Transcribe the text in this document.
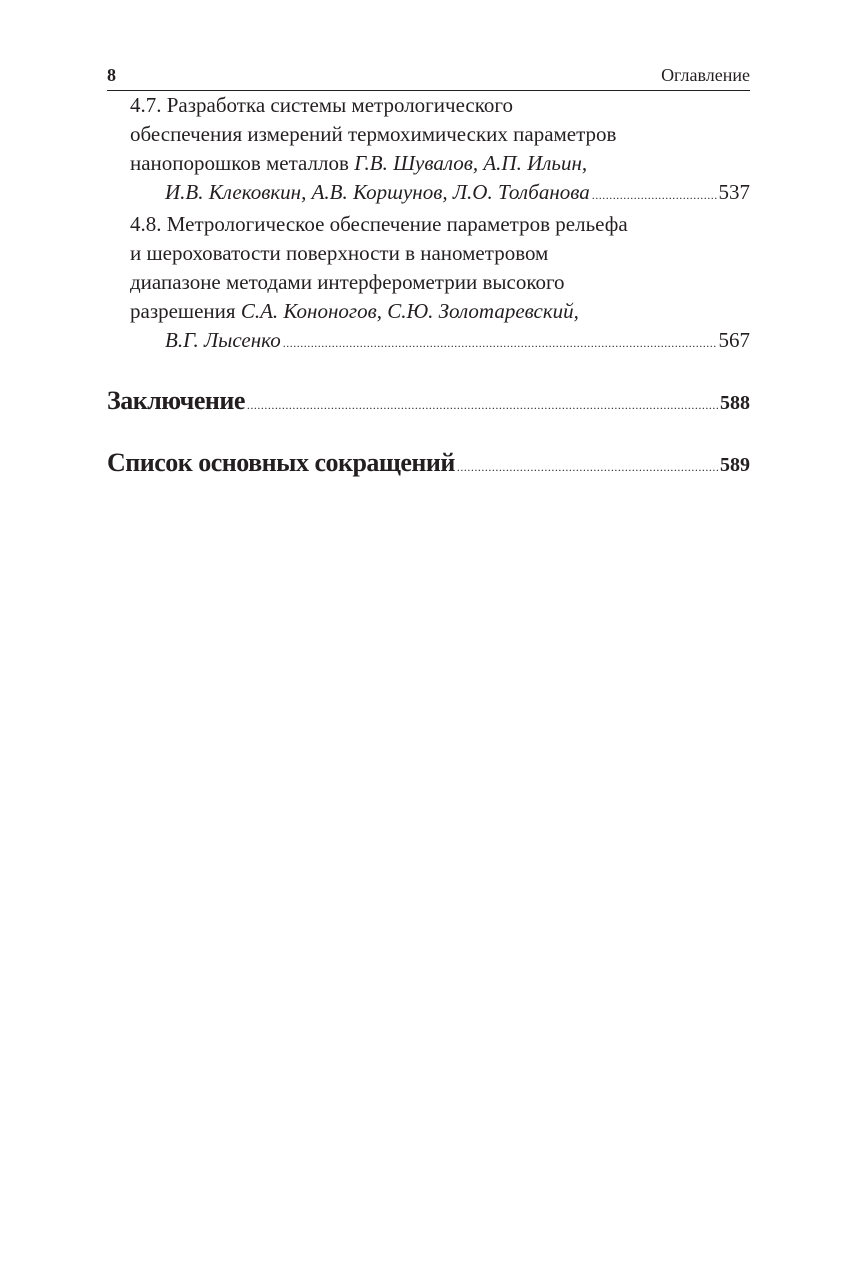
8	Оглавление
4.7. Разработка системы метрологического
обеспечения измерений термохимических параметров
нанопорошков металлов Г.В. Шувалов, А.П. Ильин,
И.В. Клековкин, А.В. Коршунов, Л.О. Толбанова .....	537
4.8. Метрологическое обеспечение параметров рельефа
и шероховатости поверхности в нанометровом
диапазоне методами интерферометрии высокого
разрешения С.А. Кононогов, С.Ю. Золотаревский,
В.Г. Лысенко .....	567
Заключение .....	588
Список основных сокращений .....	589
